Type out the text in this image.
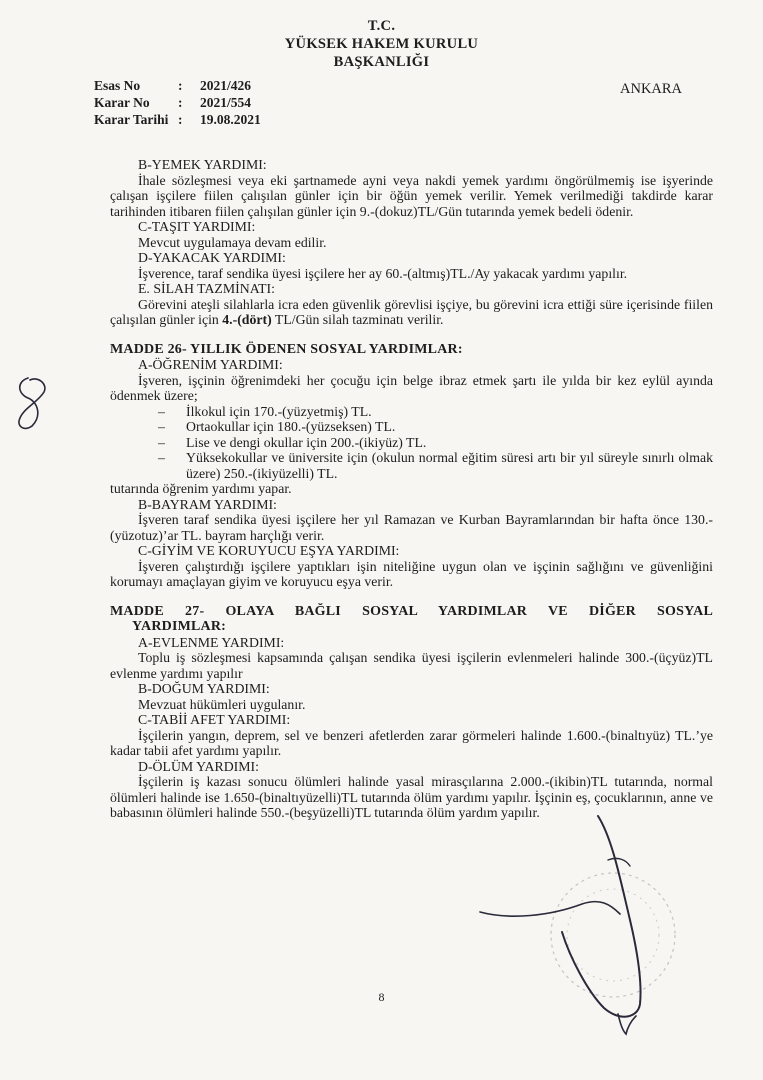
T.C.
YÜKSEK HAKEM KURULU
BAŞKANLIĞI
Esas No	:	2021/426
Karar No	:	2021/554
Karar Tarihi :	19.08.2021
ANKARA
B-YEMEK YARDIMI:
İhale sözleşmesi veya eki şartnamede ayni veya nakdi yemek yardımı öngörülmemiş ise işyerinde çalışan işçilere fiilen çalışılan günler için bir öğün yemek verilir. Yemek verilmediği takdirde karar tarihinden itibaren fiilen çalışılan günler için 9.-(dokuz)TL/Gün tutarında yemek bedeli ödenir.
C-TAŞIT YARDIMI:
Mevcut uygulamaya devam edilir.
D-YAKACAK YARDIMI:
İşverence, taraf sendika üyesi işçilere her ay 60.-(altmış)TL./Ay yakacak yardımı yapılır.
E. SİLAH TAZMİNATI:
Görevini ateşli silahlarla icra eden güvenlik görevlisi işçiye, bu görevini icra ettiği süre içerisinde fiilen çalışılan günler için 4.-(dört) TL/Gün silah tazminatı verilir.
MADDE 26- YILLIK ÖDENEN SOSYAL YARDIMLAR:
A-ÖĞRENİM YARDIMI:
İşveren, işçinin öğrenimdeki her çocuğu için belge ibraz etmek şartı ile yılda bir kez eylül ayında ödenmek üzere;
–	İlkokul için 170.-(yüzyetmiş) TL.
–	Ortaokullar için 180.-(yüzseksen) TL.
–	Lise ve dengi okullar için 200.-(ikiyüz) TL.
–	Yüksekokullar ve üniversite için (okulun normal eğitim süresi artı bir yıl süreyle sınırlı olmak üzere) 250.-(ikiyüzelli) TL.
tutarında öğrenim yardımı yapar.
B-BAYRAM YARDIMI:
İşveren taraf sendika üyesi işçilere her yıl Ramazan ve Kurban Bayramlarından bir hafta önce 130.-(yüzotuz)’ar TL. bayram harçlığı verir.
C-GİYİM VE KORUYUCU EŞYA YARDIMI:
İşveren çalıştırdığı işçilere yaptıkları işin niteliğine uygun olan ve işçinin sağlığını ve güvenliğini korumayı amaçlayan giyim ve koruyucu eşya verir.
MADDE 27- OLAYA BAĞLI SOSYAL YARDIMLAR VE DİĞER SOSYAL
YARDIMLAR:
A-EVLENME YARDIMI:
Toplu iş sözleşmesi kapsamında çalışan sendika üyesi işçilerin evlenmeleri halinde 300.-(üçyüz)TL evlenme yardımı yapılır
B-DOĞUM YARDIMI:
Mevzuat hükümleri uygulanır.
C-TABİİ AFET YARDIMI:
İşçilerin yangın, deprem, sel ve benzeri afetlerden zarar görmeleri halinde 1.600.-(binaltıyüz) TL.’ye kadar tabii afet yardımı yapılır.
D-ÖLÜM YARDIMI:
İşçilerin iş kazası sonucu ölümleri halinde yasal mirasçılarına 2.000.-(ikibin)TL tutarında, normal ölümleri halinde ise 1.650-(binaltıyüzelli)TL tutarında ölüm yardımı yapılır. İşçinin eş, çocuklarının, anne ve babasının ölümleri halinde 550.-(beşyüzelli)TL tutarında ölüm yardım yapılır.
8
